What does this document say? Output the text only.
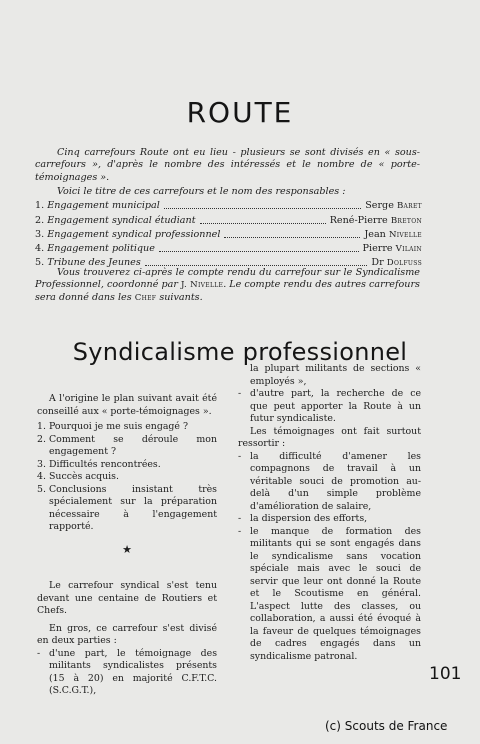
ROUTE

Cinq carrefours Route ont eu lieu - plusieurs se sont divisés en « sous-carrefours », d'après le nombre des intéressés et le nombre de « porte-témoignages ».

Voici le titre de ces carrefours et le nom des responsables :

1.
Engagement municipal	Serge Baret
2.
Engagement syndical étudiant	René-Pierre Breton
3.
Engagement syndical professionnel	Jean Nivelle
4.
Engagement politique	Pierre Vilain
5.
Tribune des Jeunes	Dr Dolfuss

Vous trouverez ci-après le compte rendu du carrefour sur le Syndicalisme Professionnel, coordonné par J. Nivelle. Le compte rendu des autres carrefours sera donné dans les Chef suivants.

Syndicalisme professionnel

A l'origine le plan suivant avait été conseillé aux « porte-témoignages ».

1. Pourquoi je me suis engagé ?
2. Comment se déroule mon engagement ?
3. Difficultés rencontrées.
4. Succès acquis.
5. Conclusions insistant très spécialement sur la préparation nécessaire à l'engagement rapporté.
★

Le carrefour syndical s'est tenu devant une centaine de Routiers et Chefs.

En gros, ce carrefour s'est divisé en deux parties :

- d'une part, le témoignage des militants syndicalistes présents (15 à 20) en majorité C.F.T.C. (S.C.G.T.),

la plupart militants de sections « employés »,

- d'autre part, la recherche de ce que peut apporter la Route à un futur syndicaliste.

Les témoignages ont fait surtout ressortir :

- la difficulté d'amener les compagnons de travail à un véritable souci de promotion au-delà d'un simple problème d'amélioration de salaire,
- la dispersion des efforts,
- le manque de formation des militants qui se sont engagés dans le syndicalisme sans vocation spéciale mais avec le souci de servir que leur ont donné la Route et le Scoutisme en général. L'aspect lutte des classes, ou collaboration, a aussi été évoqué à la faveur de quelques témoignages de cadres engagés dans un syndicalisme patronal.
101
(c) Scouts de France
